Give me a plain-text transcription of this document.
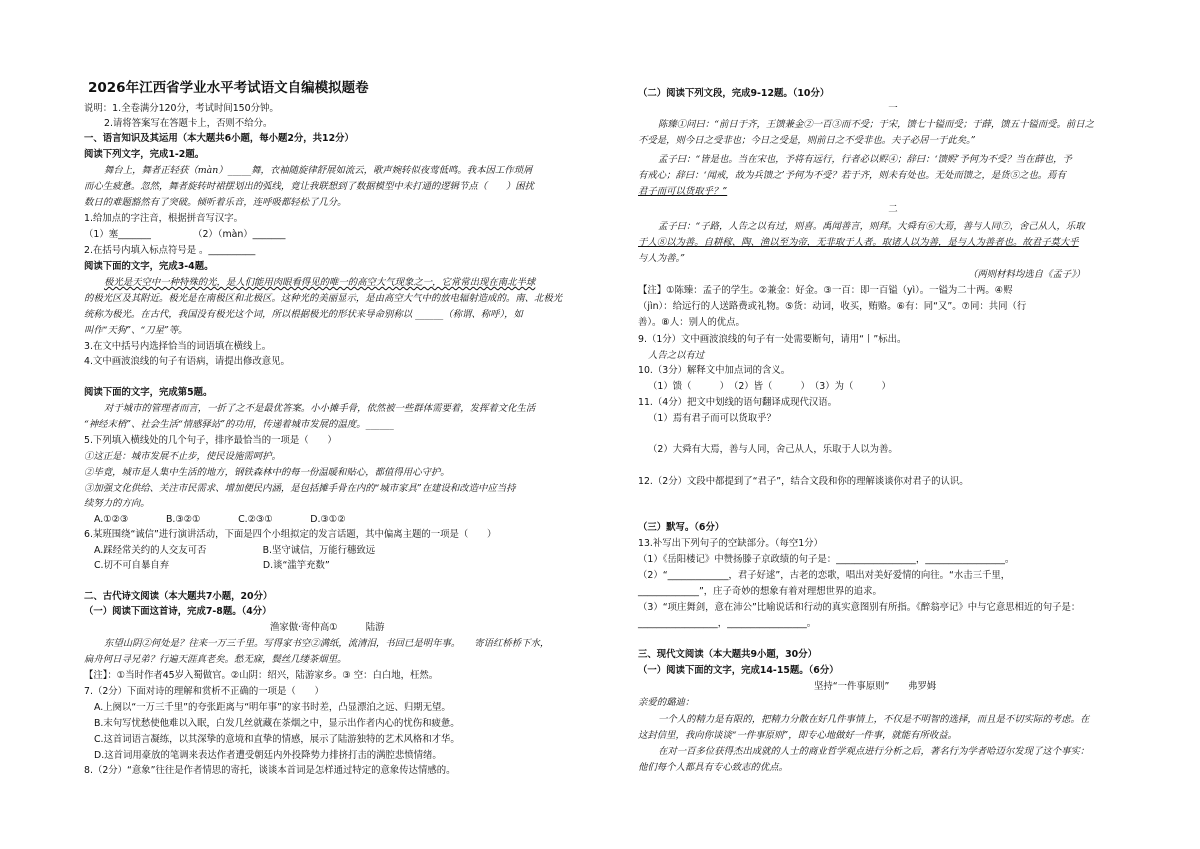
2026年江西省学业水平考试语文自编模拟题卷
说明：1.全卷满分120分，考试时间150分钟。
2.请将答案写在答题卡上，否则不给分。
一、语言知识及其运用（本大题共6小题，每小题2分，共12分）
阅读下列文字，完成1-2题。
舞台上，舞者正轻获（màn）_____舞，衣袖随旋律舒展如流云，歌声婉转似夜莺低鸣。我本因工作琐屑
而心生疲惫。忽然，舞者旋转时裙摆划出的弧线，竟让我联想到了数据模型中未打通的逻辑节点（　　）困扰
数日的难题豁然有了突破。倾听着乐音，连呼吸都轻松了几分。
1.给加点的字注音，根据拼音写汉字。
（1）塞_______　　　　　（2）（màn）_______
2.在括号内填入标点符号是 。__________
阅读下面的文字，完成3-4题。
极光是天空中一种特殊的光，是人们能用肉眼看得见的唯一的高空大气现象之一，它常常出现在南北半球
的极光区及其附近。极光是在南极区和北极区。这种光的美丽显示，是由高空大气中的放电辐射造成的。南、北极光
统称为极光。在古代，我国没有极光这个词，所以根据极光的形状来导命别称以 ______（称谓、称呼），如
叫作“天狗”、“刀星”等。
3.在文中括号内选择恰当的词语填在横线上。
4.文中画波浪线的句子有语病，请提出修改意见。
阅读下面的文字，完成第5题。
对于城市的管理者而言，一折了之不是最优答案。小小摊手骨，依然被一些群体需要着，发挥着文化生活
“神经末梢”、社会生活“情感驿站”的功用，传递着城市发展的温度。______
5.下列填入横线处的几个句子，排序最恰当的一项是（　　）
①这正是：城市发展不止步，使民设施需呵护。
②毕竟，城市是人集中生活的地方，钢铁森林中的每一份温暖和贴心，都值得用心守护。
③加强文化供给、关注市民需求、增加便民内涵，是包括摊手骨在内的“城市家具”在建设和改造中应当持
续努力的方向。
A.①②③　　　　B.③②①　　　　C.②③①　　　　D.③①②
6.某班围绕“诚信”进行演讲活动，下面是四个小组拟定的发言话题，其中偏离主题的一项是（　　）
A.踩经常关约的人交友可否　　　　　　B.坚守诚信，万能行穗致远
C.切不可自暴自弃　　　　　　　　　　D.谈“滥竽充数”
二、古代诗文阅读（本大题共7小题，20分）
（一）阅读下面这首诗，完成7-8题。（4分）
渔家傲·寄仲高①　　　陆游
东望山阴②何处是？往来一万三千里。写得家书空②满纸，流清泪，书回已是明年事。　　寄语红桥桥下水，
扁舟何日寻兄弟？行遍天涯真老矣。愁无寐，鬓丝几缕茶烟里。
【注】：①当时作者45岁入蜀做官。②山阴：绍兴，陆游家乡。③ 空：白白地，枉然。
7.（2分）下面对诗的理解和赏析不正确的一项是（　　）
A.上阕以“一万三千里”的夸张距离与“明年事”的家书时差，凸显漂泊之远、归期无望。
B.末句写忧愁使他难以入眠，白发几丝就藏在茶烟之中，显示出作者内心的忧伤和疲惫。
C.这首词语言凝练，以其深挚的意境和直挚的情感，展示了陆游独特的艺术风格和才华。
D.这首词用豪放的笔调来表达作者遭受朝廷内外投降势力排挤打击的满腔悲愤情绪。
8.（2分）“意象”往往是作者情思的寄托，谈谈本首词是怎样通过特定的意象传达情感的。
（二）阅读下列文段，完成9-12题。（10分）
一
陈臻①问曰：“前日于齐，王馈兼金②一百③而不受；于宋，馈七十镒而受；于薛，馈五十镒而受。前日之
不受是，则今日之受非也；今日之受是，则前日之不受非也。夫子必居一于此矣。”
孟子曰：“皆是也。当在宋也，予将有远行，行者必以赆④；辞曰：‘馈赆’予何为不受？当在薛也，予
有戒心；辞曰：‘闻戒，故为兵馈之’予何为不受？若于齐，则未有处也。无处而馈之，是货⑤之也。焉有
君子而可以货取乎？”
二
孟子曰：“子路，人告之以有过，则喜。禹闻善言，则拜。大舜有⑥大焉，善与人同⑦，舍己从人，乐取
于人⑧以为善。自耕稼、陶、渔以至为帝，无非取于人者。取诸人以为善，是与人为善者也。故君子莫大乎
与人为善。”
（两则材料均选自《孟子》）
【注】①陈臻：孟子的学生。②兼金：好金。③一百：即一百镒（yì）。一镒为二十两。④赆
（jìn）：给远行的人送路费或礼物。⑤货：动词，收买，贿赂。⑥有：同“又”。⑦同：共同（行
善）。⑧人：别人的优点。
9.（1分）文中画波浪线的句子有一处需要断句，请用“丨”标出。
人告之以有过
10.（3分）解释文中加点词的含义。
（1）馈（　　　）　（2）皆（　　　）　（3）为（　　　）
11.（4分）把文中划线的语句翻译成现代汉语。
（1）焉有君子而可以货取乎？
（2）大舜有大焉，善与人同，舍己从人，乐取于人以为善。
12.（2分）文段中都提到了“君子”，结合文段和你的理解谈谈你对君子的认识。
（三）默写。（6分）
13.补写出下列句子的空缺部分。（每空1分）
（1）《岳阳楼记》中赞扬滕子京政绩的句子是：_________________，_________________。
（2）“_____________，君子好逑”，古老的恋歌，唱出对美好爱情的向往。“水击三千里，
_____________”，庄子奇妙的想象有着对理想世界的追求。
（3）“项庄舞剑，意在沛公”比喻说话和行动的真实意图别有所指。《醉翁亭记》中与它意思相近的句子是：
_________________，_________________。
三、现代文阅读（本大题共9小题，30分）
（一）阅读下面的文字，完成14-15题。（6分）
坚持“一件事原则”　　弗罗姆
亲爱的璐迪：
一个人的精力是有限的，把精力分散在好几件事情上，不仅是不明智的选择，而且是不切实际的考虑。在
这封信里，我向你谈谈“一件事原则”，即专心地做好一件事，就能有所收益。
在对一百多位获得杰出成就的人士的商业哲学观点进行分析之后，著名行为学者哈迈尔发现了这个事实：
他们每个人都具有专心致志的优点。
